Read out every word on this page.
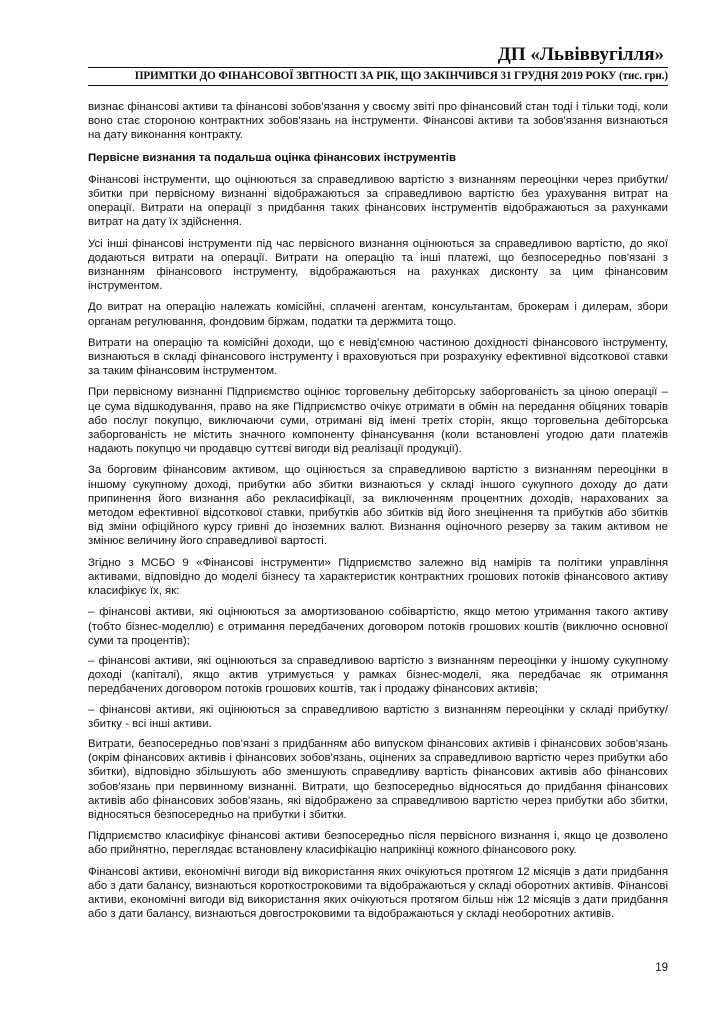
ДП «Львіввугілля»
ПРИМІТКИ ДО ФІНАНСОВОЇ ЗВІТНОСТІ ЗА РІК, ЩО ЗАКІНЧИВСЯ 31 ГРУДНЯ 2019 РОКУ (тис. грн.)

визнає фінансові активи та фінансові зобов'язання у своєму звіті про фінансовий стан тоді і тільки тоді, коли воно стає стороною контрактних зобов'язань на інструменти. Фінансові активи та зобов'язання визнаються на дату виконання контракту.

Первісне визнання та подальша оцінка фінансових інструментів

Фінансові інструменти, що оцінюються за справедливою вартістю з визнанням переоцінки через прибутки/збитки при первісному визнанні відображаються за справедливою вартістю без урахування витрат на операції. Витрати на операції з придбання таких фінансових інструментів відображаються за рахунками витрат на дату їх здійснення.

Усі інші фінансові інструменти під час первісного визнання оцінюються за справедливою вартістю, до якої додаються витрати на операції. Витрати на операцію та інші платежі, що безпосередньо пов'язані з визнанням фінансового інструменту, відображаються на рахунках дисконту за цим фінансовим інструментом.

До витрат на операцію належать комісійні, сплачені агентам, консультантам, брокерам і дилерам, збори органам регулювання, фондовим біржам, податки та держмита тощо.

Витрати на операцію та комісійні доходи, що є невід'ємною частиною дохідності фінансового інструменту, визнаються в складі фінансового інструменту і враховуються при розрахунку ефективної відсоткової ставки за таким фінансовим інструментом.

При первісному визнанні Підприємство оцінює торговельну дебіторську заборгованість за ціною операції – це сума відшкодування, право на яке Підприємство очікує отримати в обмін на передання обіцяних товарів або послуг покупцю, виключаючи суми, отримані від імені третіх сторін, якщо торговельна дебіторська заборгованість не містить значного компоненту фінансування (коли встановлені угодою дати платежів надають покупцю чи продавцю суттєві вигоди від реалізації продукції).

За борговим фінансовим активом, що оцінюється за справедливою вартістю з визнанням переоцінки в іншому сукупному доході, прибутки або збитки визнаються у складі іншого сукупного доходу до дати припинення його визнання або рекласифікації, за виключенням процентних доходів, нарахованих за методом ефективної відсоткової ставки, прибутків або збитків від його знецінення та прибутків або збитків від зміни офіційного курсу гривні до іноземних валют. Визнання оціночного резерву за таким активом не змінює величину його справедливої вартості.

Згідно з МСБО 9 «Фінансові інструменти» Підприємство залежно від намірів та політики управління активами, відповідно до моделі бізнесу та характеристик контрактних грошових потоків фінансового активу класифікує їх, як:

– фінансові активи, які оцінюються за амортизованою собівартістю, якщо метою утримання такого активу (тобто бізнес-моделлю) є отримання передбачених договором потоків грошових коштів (виключно основної суми та процентів);

– фінансові активи, які оцінюються за справедливою вартістю з визнанням переоцінки у іншому сукупному доході (капіталі), якщо актив утримується у рамках бізнес-моделі, яка передбачає як отримання передбачених договором потоків грошових коштів, так і продажу фінансових активів;

– фінансові активи, які оцінюються за справедливою вартістю з визнанням переоцінки у складі прибутку/збитку - всі інші активи.

Витрати, безпосередньо пов'язані з придбанням або випуском фінансових активів і фінансових зобов'язань (окрім фінансових активів і фінансових зобов'язань, оцінених за справедливою вартістю через прибутки або збитки), відповідно збільшують або зменшують справедливу вартість фінансових активів або фінансових зобов'язань при первинному визнанні. Витрати, що безпосередньо відносяться до придбання фінансових активів або фінансових зобов'язань, які відображено за справедливою вартістю через прибутки або збитки, відносяться безпосередньо на прибутки і збитки.

Підприємство класифікує фінансові активи безпосередньо після первісного визнання і, якщо це дозволено або прийнятно, переглядає встановлену класифікацію наприкінці кожного фінансового року.

Фінансові активи, економічні вигоди від використання яких очікуються протягом 12 місяців з дати придбання або з дати балансу, визнаються короткостроковими та відображаються у складі оборотних активів. Фінансові активи, економічні вигоди від використання яких очікуються протягом більш ніж 12 місяців з дати придбання або з дати балансу, визнаються довгостроковими та відображаються у складі необоротних активів.

19
